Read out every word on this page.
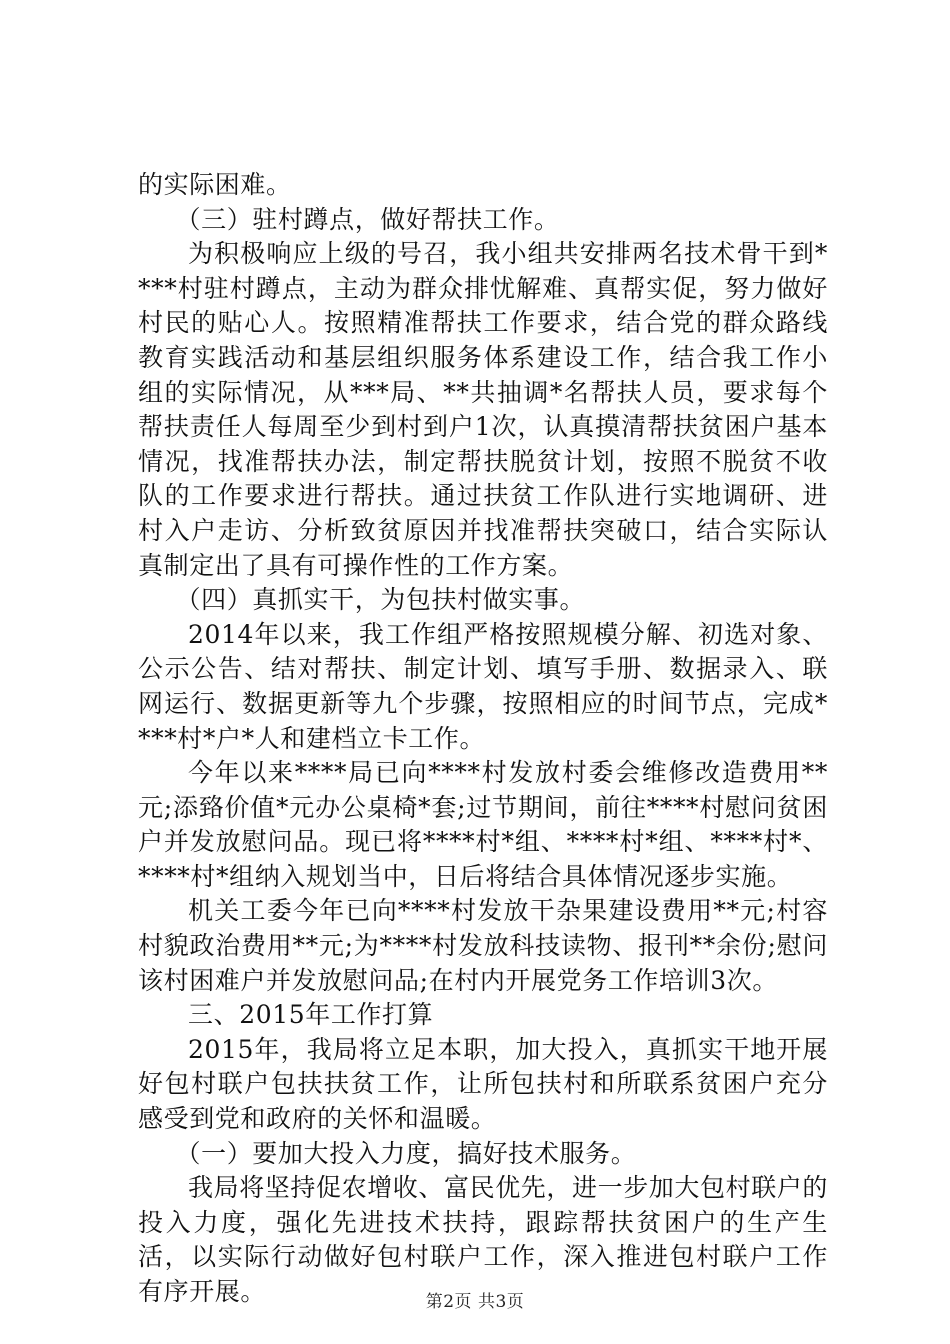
的实际困难。

（三）驻村蹲点，做好帮扶工作。

为积极响应上级的号召，我小组共安排两名技术骨干到****村驻村蹲点，主动为群众排忧解难、真帮实促，努力做好村民的贴心人。按照精准帮扶工作要求，结合党的群众路线教育实践活动和基层组织服务体系建设工作，结合我工作小组的实际情况，从***局、**共抽调*名帮扶人员，要求每个帮扶责任人每周至少到村到户1次，认真摸清帮扶贫困户基本情况，找准帮扶办法，制定帮扶脱贫计划，按照不脱贫不收队的工作要求进行帮扶。通过扶贫工作队进行实地调研、进村入户走访、分析致贫原因并找准帮扶突破口，结合实际认真制定出了具有可操作性的工作方案。

（四）真抓实干，为包扶村做实事。

2014年以来，我工作组严格按照规模分解、初选对象、公示公告、结对帮扶、制定计划、填写手册、数据录入、联网运行、数据更新等九个步骤，按照相应的时间节点，完成****村*户*人和建档立卡工作。

今年以来****局已向****村发放村委会维修改造费用**元;添臵价值*元办公桌椅*套;过节期间，前往****村慰问贫困户并发放慰问品。现已将****村*组、****村*组、****村*、****村*组纳入规划当中，日后将结合具体情况逐步实施。

机关工委今年已向****村发放干杂果建设费用**元;村容村貌政治费用**元;为****村发放科技读物、报刊**余份;慰问该村困难户并发放慰问品;在村内开展党务工作培训3次。

三、2015年工作打算

2015年，我局将立足本职，加大投入，真抓实干地开展好包村联户包扶扶贫工作，让所包扶村和所联系贫困户充分感受到党和政府的关怀和温暖。

（一）要加大投入力度，搞好技术服务。

我局将坚持促农增收、富民优先，进一步加大包村联户的投入力度，强化先进技术扶持，跟踪帮扶贫困户的生产生活，以实际行动做好包村联户工作，深入推进包村联户工作有序开展。	第2页 共3页
